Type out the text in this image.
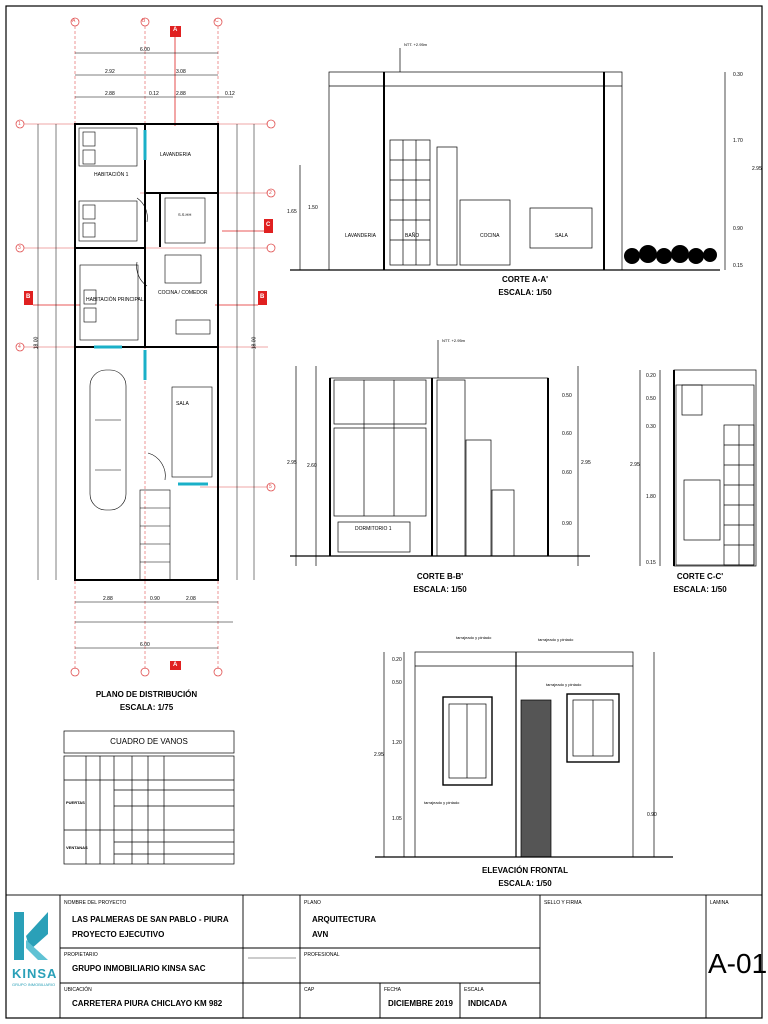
LAVANDERIA
HABITACIÓN 1
S.S.HH
HABITACIÓN PRINCIPAL
COCINA / COMEDOR
SALA
6.00
2.92	3.08
2.88	0.12	2.88	0.12
2.88	0.90	2.08
6.00
18.00	18.00
A	B	C
1
2
3
4
5
A
A
B	B
C
PLANO DE DISTRIBUCIÓN
ESCALA: 1/75
NTT. +2.95m
LAVANDERIA	BAÑO	COCINA	SALA
1.65
1.50
0.30
1.70
0.90
0.15
2.95
CORTE A-A'
ESCALA: 1/50
NTT. +2.95m
DORMITORIO 1
2.95 2.60
0.50
0.60
0.60
0.90
2.95
CORTE B-B'
ESCALA: 1/50
0.20
0.50
0.30
1.80
0.15
2.95
CORTE C-C'
ESCALA: 1/50
tarrajeado y pintado	tarrajeado y pintado
tarrajeado y pintado
tarrajeado y pintado
0.20
0.50
1.20
1.05
0.90
2.95
ELEVACIÓN FRONTAL
ESCALA: 1/50
CUADRO DE VANOS
PUERTAS
VENTANAS
KINSA
GRUPO INMOBILIARIO
NOMBRE DEL PROYECTO
LAS PALMERAS DE SAN PABLO - PIURA
PROYECTO EJECUTIVO
PROPIETARIO
GRUPO INMOBILIARIO KINSA SAC
UBICACIÓN
CARRETERA PIURA CHICLAYO KM 982
PLANO
ARQUITECTURA
AVN
PROFESIONAL
CAP	FECHA
DICIEMBRE 2019
ESCALA
INDICADA
SELLO Y FIRMA	LAMINA
A-01
